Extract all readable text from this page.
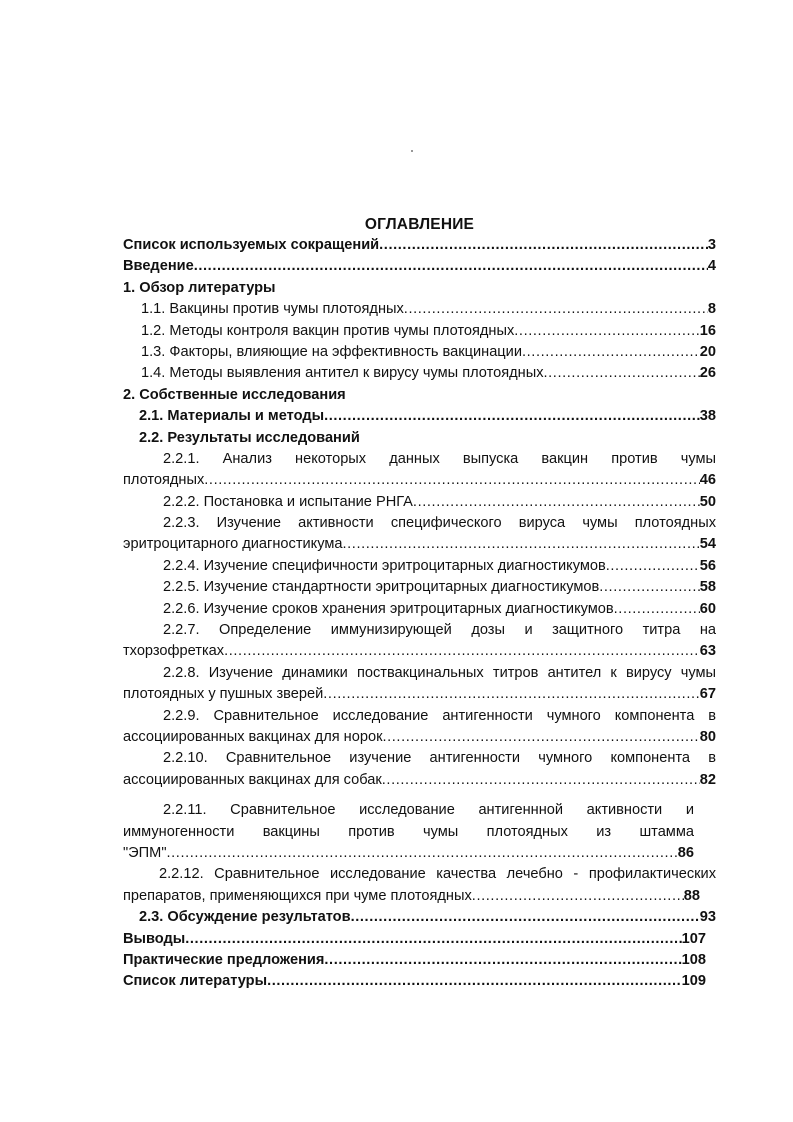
ОГЛАВЛЕНИЕ
Список используемых сокращений .....	3
Введение .....	4
1. Обзор литературы
1.1. Вакцины против чумы плотоядных .....	8
1.2. Методы контроля вакцин против чумы плотоядных .....	16
1.3. Факторы, влияющие на эффективность вакцинации .....	20
1.4. Методы выявления антител к вирусу чумы плотоядных .....	26
2. Собственные исследования
2.1. Материалы и методы .....	38
2.2. Результаты исследований
2.2.1. Анализ некоторых данных выпуска вакцин против чумы
плотоядных .....	46
2.2.2. Постановка и испытание РНГА .....	50
2.2.3. Изучение активности специфического вируса чумы плотоядных
эритроцитарного диагностикума .....	54
2.2.4. Изучение специфичности эритроцитарных диагностикумов .....	56
2.2.5. Изучение стандартности эритроцитарных диагностикумов .....	58
2.2.6. Изучение сроков хранения эритроцитарных диагностикумов .....	60
2.2.7. Определение иммунизирующей дозы и защитного титра на
тхорзофретках .....	63
2.2.8. Изучение динамики поствакцинальных титров антител к вирусу чумы
плотоядных у пушных зверей .....	67
2.2.9. Сравнительное исследование антигенности чумного компонента в
ассоциированных вакцинах для норок .....	80
2.2.10. Сравнительное изучение антигенности чумного компонента в
ассоциированных вакцинах для собак .....	82
2.2.11. Сравнительное исследование антигеннной активности и
иммуногенности вакцины против чумы плотоядных из штамма
"ЭПМ" .....	86
2.2.12. Сравнительное исследование качества лечебно - профилактических
препаратов, применяющихся при чуме плотоядных .....	88
2.3. Обсуждение результатов .....	93
Выводы .....	107
Практические предложения .....	108
Список литературы .....	109
